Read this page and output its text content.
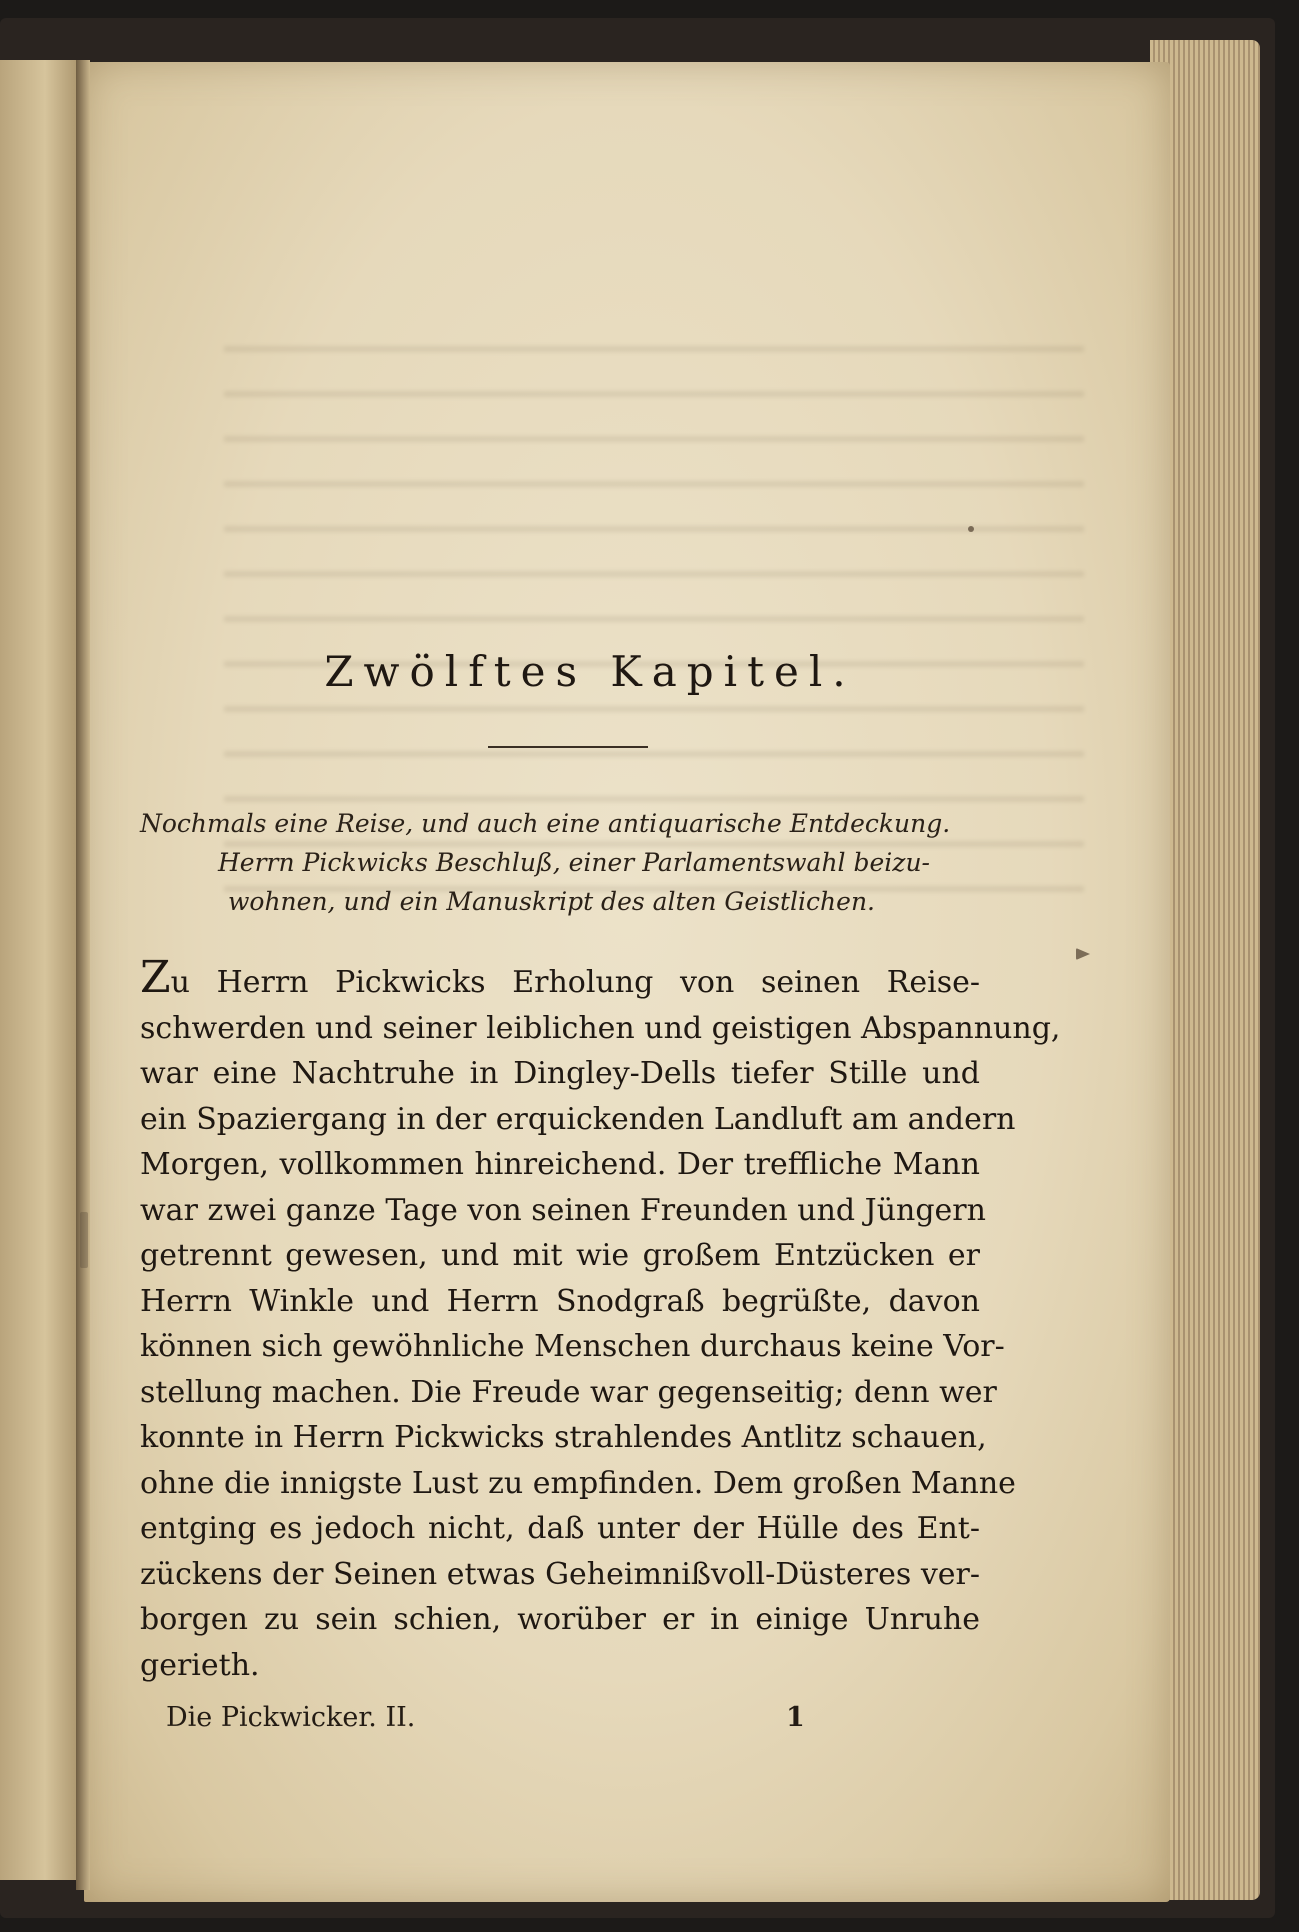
Zwölftes Kapitel.
Nochmals eine Reise, und auch eine antiquarische Entdeckung.
Herrn Pickwicks Beschluß, einer Parlamentswahl beizu-
wohnen, und ein Manuskript des alten Geistlichen.
Zu Herrn Pickwicks Erholung von seinen Reise-
schwerden und seiner leiblichen und geistigen Abspannung,
war eine Nachtruhe in Dingley-Dells tiefer Stille und
ein Spaziergang in der erquickenden Landluft am andern
Morgen, vollkommen hinreichend. Der treffliche Mann
war zwei ganze Tage von seinen Freunden und Jüngern
getrennt gewesen, und mit wie großem Entzücken er
Herrn Winkle und Herrn Snodgraß begrüßte, davon
können sich gewöhnliche Menschen durchaus keine Vor-
stellung machen. Die Freude war gegenseitig; denn wer
konnte in Herrn Pickwicks strahlendes Antlitz schauen,
ohne die innigste Lust zu empfinden. Dem großen Manne
entging es jedoch nicht, daß unter der Hülle des Ent-
zückens der Seinen etwas Geheimnißvoll-Düsteres ver-
borgen zu sein schien, worüber er in einige Unruhe
gerieth.
Die Pickwicker. II.	1
